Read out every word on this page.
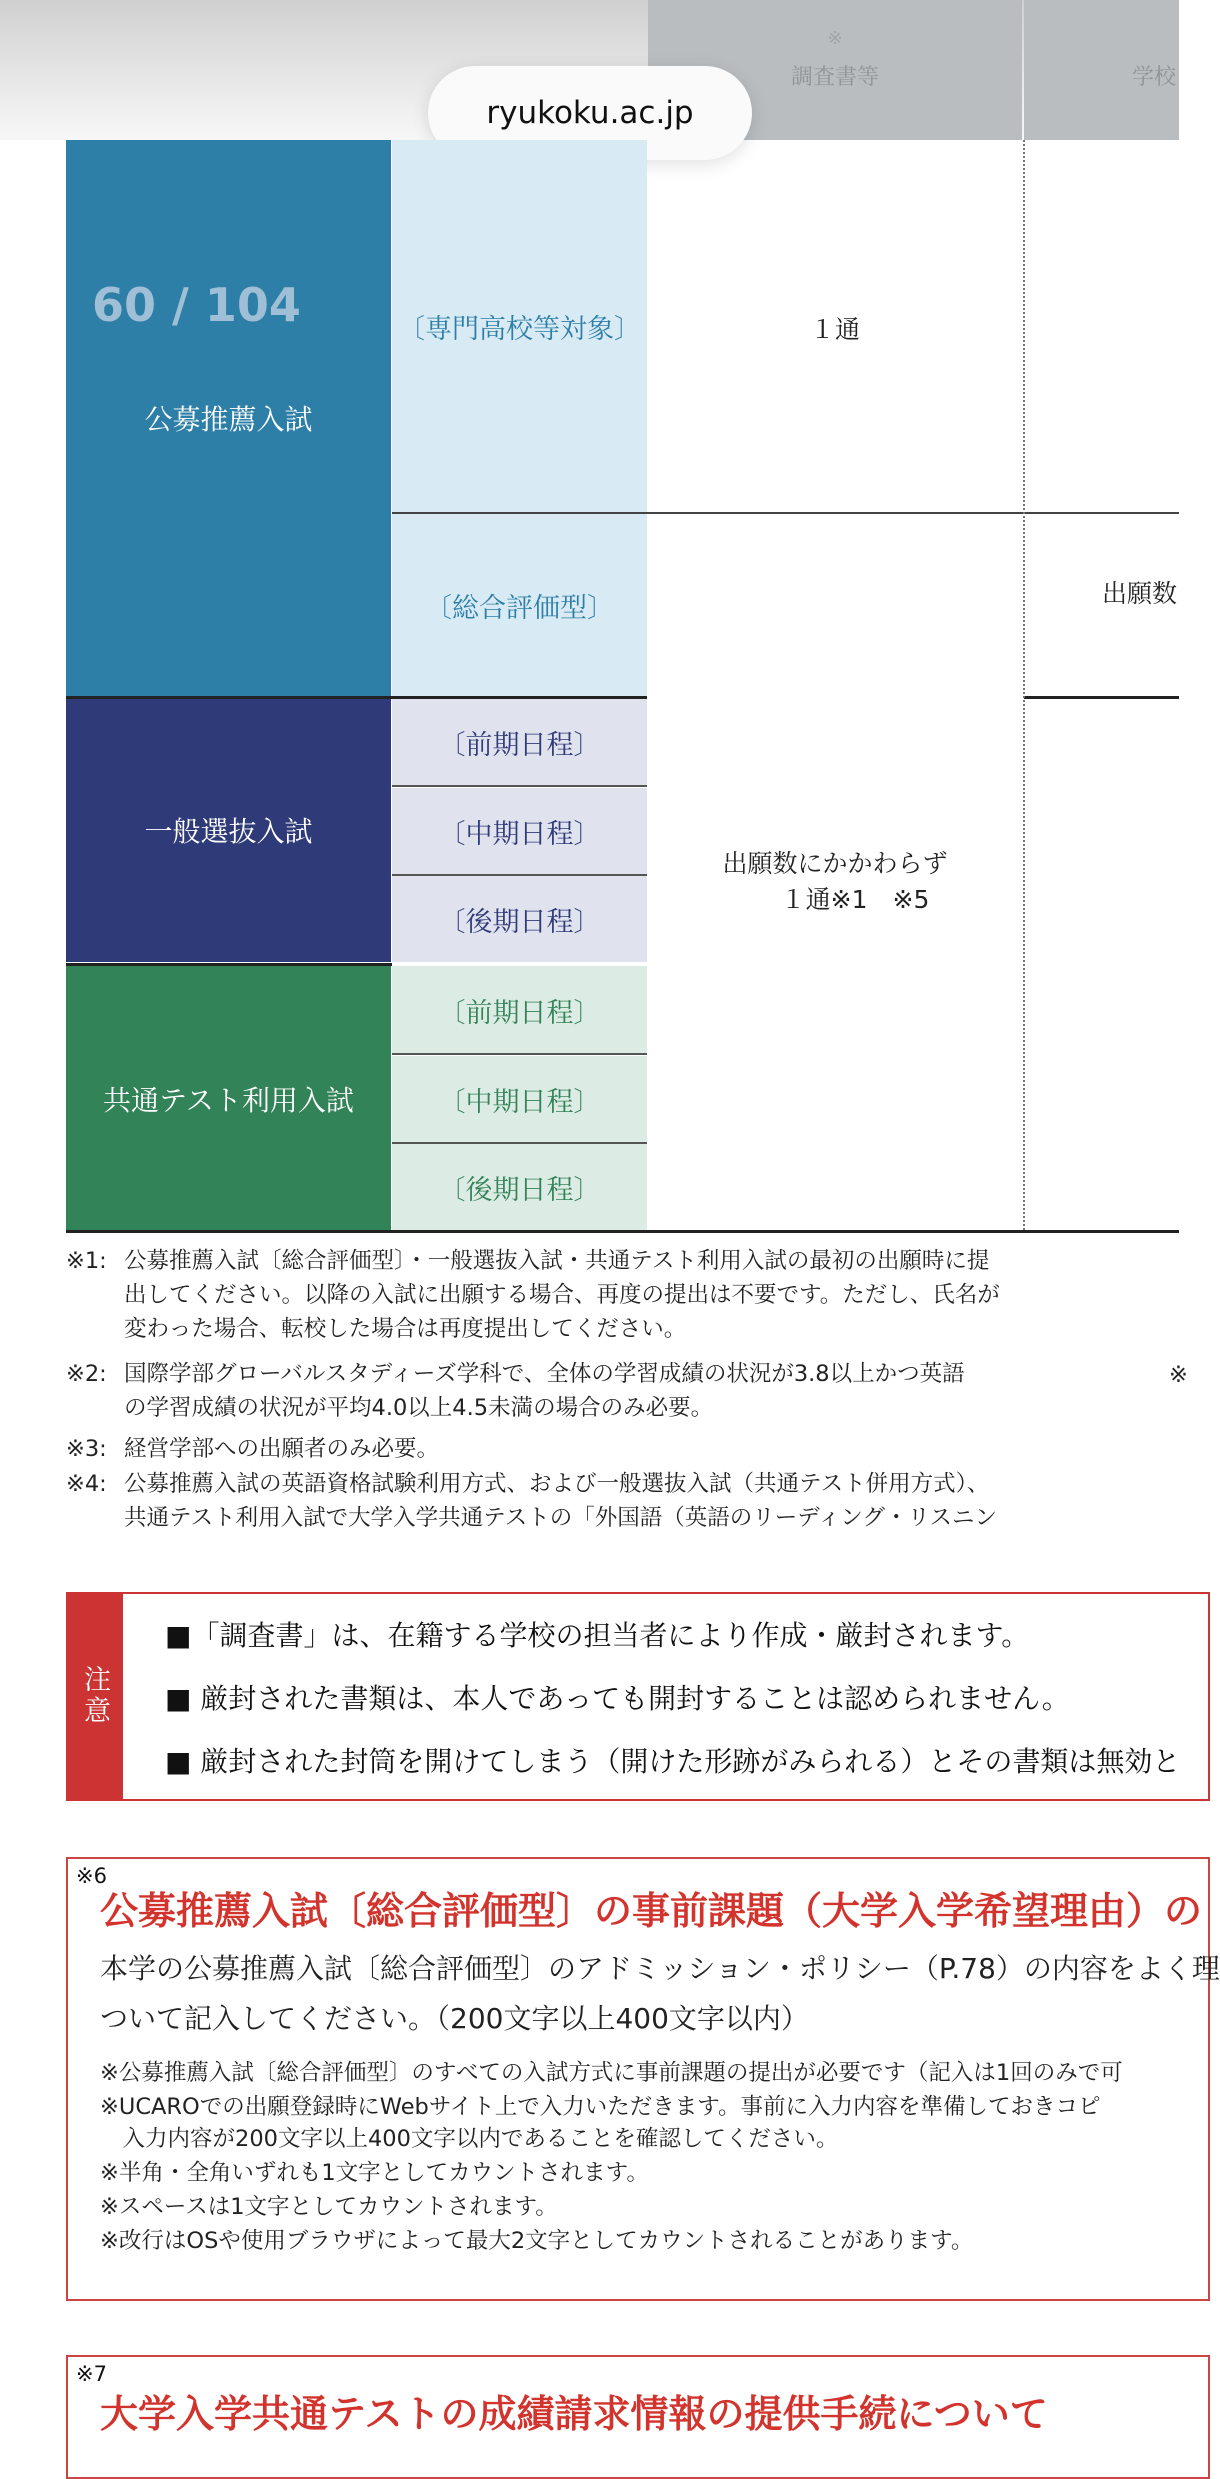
※
調査書等	学校
ryukoku.ac.jp
公募推薦入試
一般選抜入試
共通テスト利用入試
60 / 104	〔専門高校等対象〕
〔総合評価型〕
〔前期日程〕
〔中期日程〕
〔後期日程〕
〔前期日程〕
〔中期日程〕
〔後期日程〕
１通
出願数にかかわらず
１通※1　※5
出願数
※1: 公募推薦入試〔総合評価型〕・一般選抜入試・共通テスト利用入試の最初の出願時に提
出してください。以降の入試に出願する場合、再度の提出は不要です。ただし、氏名が
変わった場合、転校した場合は再度提出してください。
※2: 国際学部グローバルスタディーズ学科で、全体の学習成績の状況が3.8以上かつ英語
の学習成績の状況が平均4.0以上4.5未満の場合のみ必要。
※3: 経営学部への出願者のみ必要。
※4: 公募推薦入試の英語資格試験利用方式、および一般選抜入試（共通テスト併用方式）、
共通テスト利用入試で大学入学共通テストの「外国語（英語のリーディング・リスニン
※
注意
■「調査書」は、在籍する学校の担当者により作成・厳封されます。
■ 厳封された書類は、本人であっても開封することは認められません。
■ 厳封された封筒を開けてしまう（開けた形跡がみられる）とその書類は無効と
※6
公募推薦入試〔総合評価型〕の事前課題（大学入学希望理由）の
本学の公募推薦入試〔総合評価型〕のアドミッション・ポリシー（P.78）の内容をよく理
ついて記入してください。（200文字以上400文字以内）
※公募推薦入試〔総合評価型〕のすべての入試方式に事前課題の提出が必要です（記入は1回のみで可
※UCAROでの出願登録時にWebサイト上で入力いただきます。事前に入力内容を準備しておきコピ
　入力内容が200文字以上400文字以内であることを確認してください。
※半角・全角いずれも1文字としてカウントされます。
※スペースは1文字としてカウントされます。
※改行はOSや使用ブラウザによって最大2文字としてカウントされることがあります。
※7
大学入学共通テストの成績請求情報の提供手続について
